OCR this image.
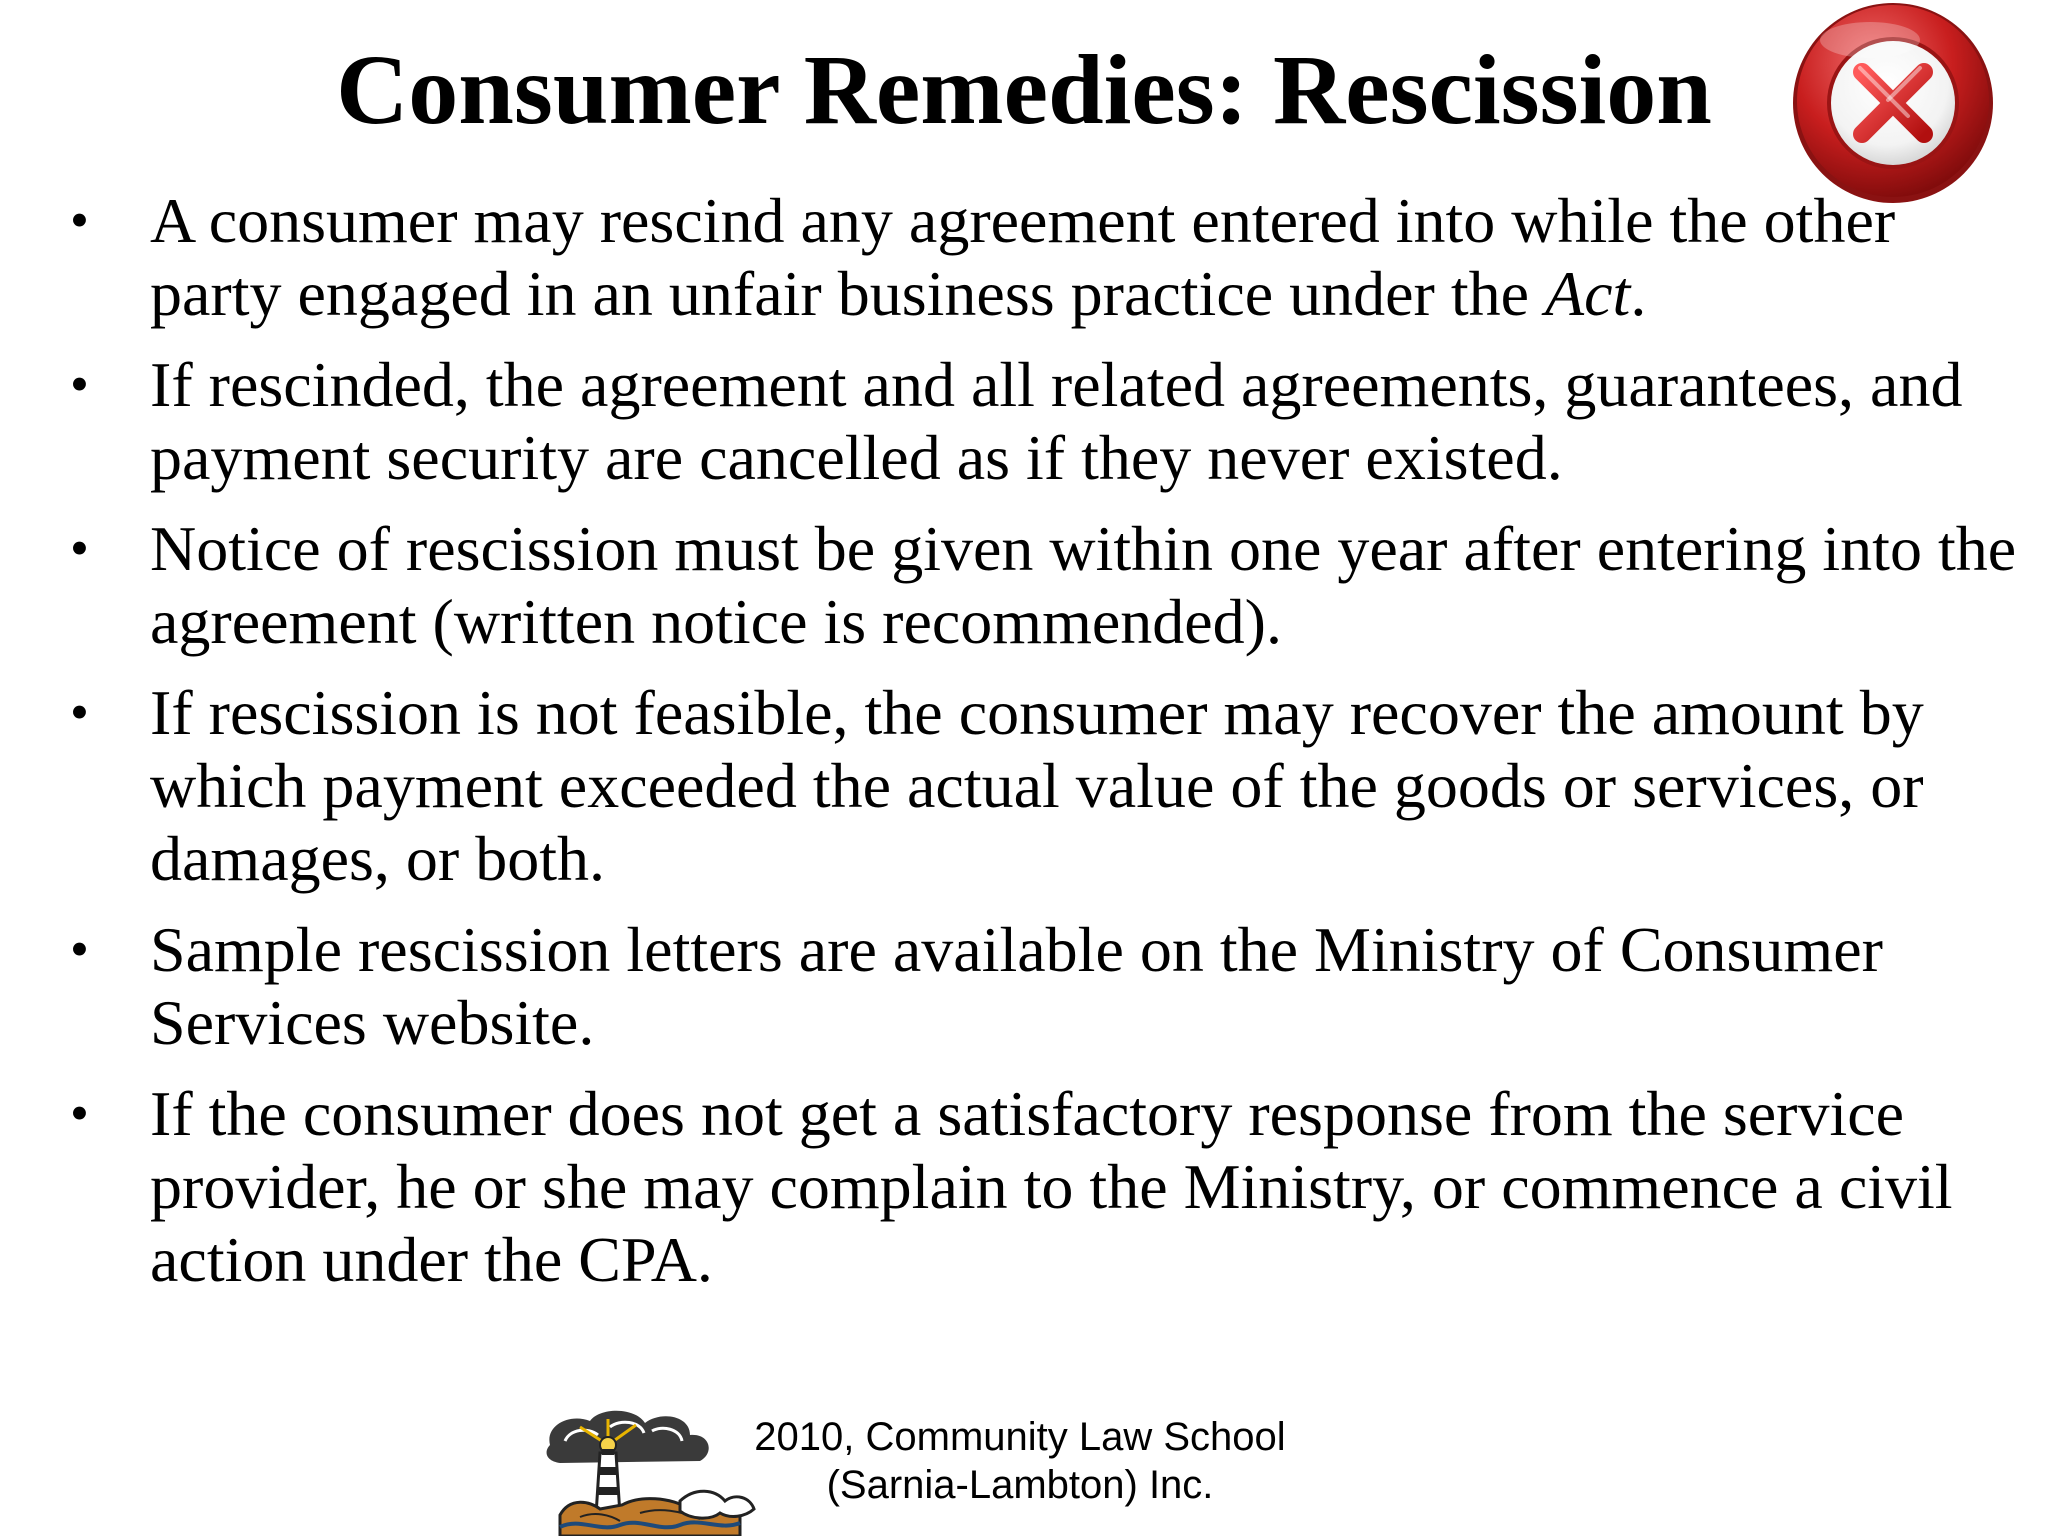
Consumer Remedies: Rescission
• A consumer may rescind any agreement entered into while the other party engaged in an unfair business practice under the Act.
• If rescinded, the agreement and all related agreements, guarantees, and payment security are cancelled as if they never existed.
• Notice of rescission must be given within one year after entering into the agreement (written notice is recommended).
• If rescission is not feasible, the consumer may recover the amount by which payment exceeded the actual value of the goods or services, or damages, or both.
• Sample rescission letters are available on the Ministry of Consumer Services website.
• If the consumer does not get a satisfactory response from the service provider, he or she may complain to the Ministry, or commence a civil action under the CPA.
2010, Community Law School
(Sarnia-Lambton) Inc.
